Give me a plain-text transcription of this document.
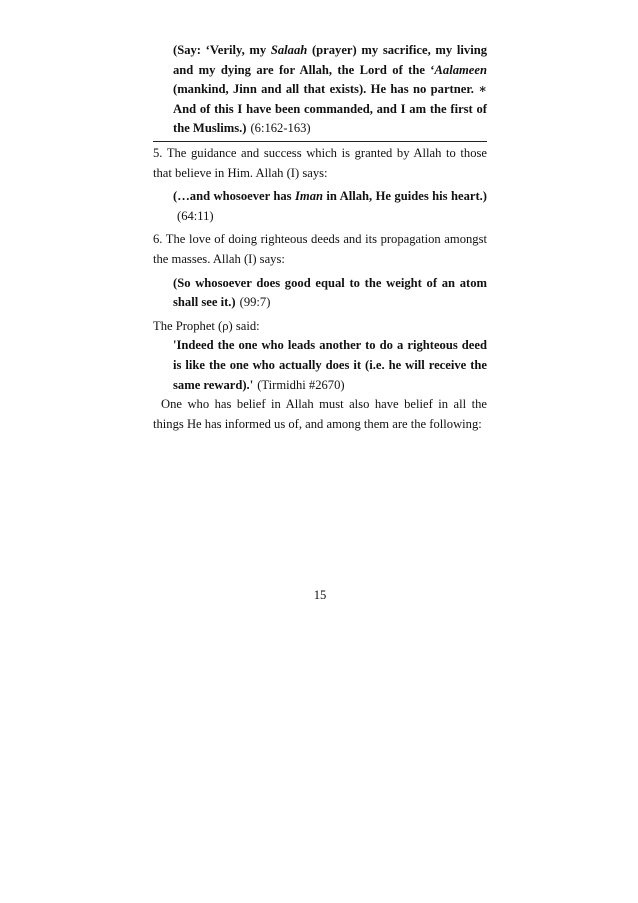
(Say: ‘Verily, my Salaah (prayer) my sacrifice, my living and my dying are for Allah, the Lord of the ‘Aalameen (mankind, Jinn and all that exists). He has no partner. ∗ And of this I have been commanded, and I am the first of the Muslims.) (6:162-163)
5. The guidance and success which is granted by Allah to those that believe in Him. Allah (I) says:
(…and whosoever has Iman in Allah, He guides his heart.)(64:11)
6. The love of doing righteous deeds and its propagation amongst the masses. Allah (I) says:
(So whosoever does good equal to the weight of an atom shall see it.) (99:7)
The Prophet (ρ) said:
'Indeed the one who leads another to do a righteous deed is like the one who actually does it (i.e. he will receive the same reward).' (Tirmidhi #2670)
One who has belief in Allah must also have belief in all the things He has informed us of, and among them are the following:
15
